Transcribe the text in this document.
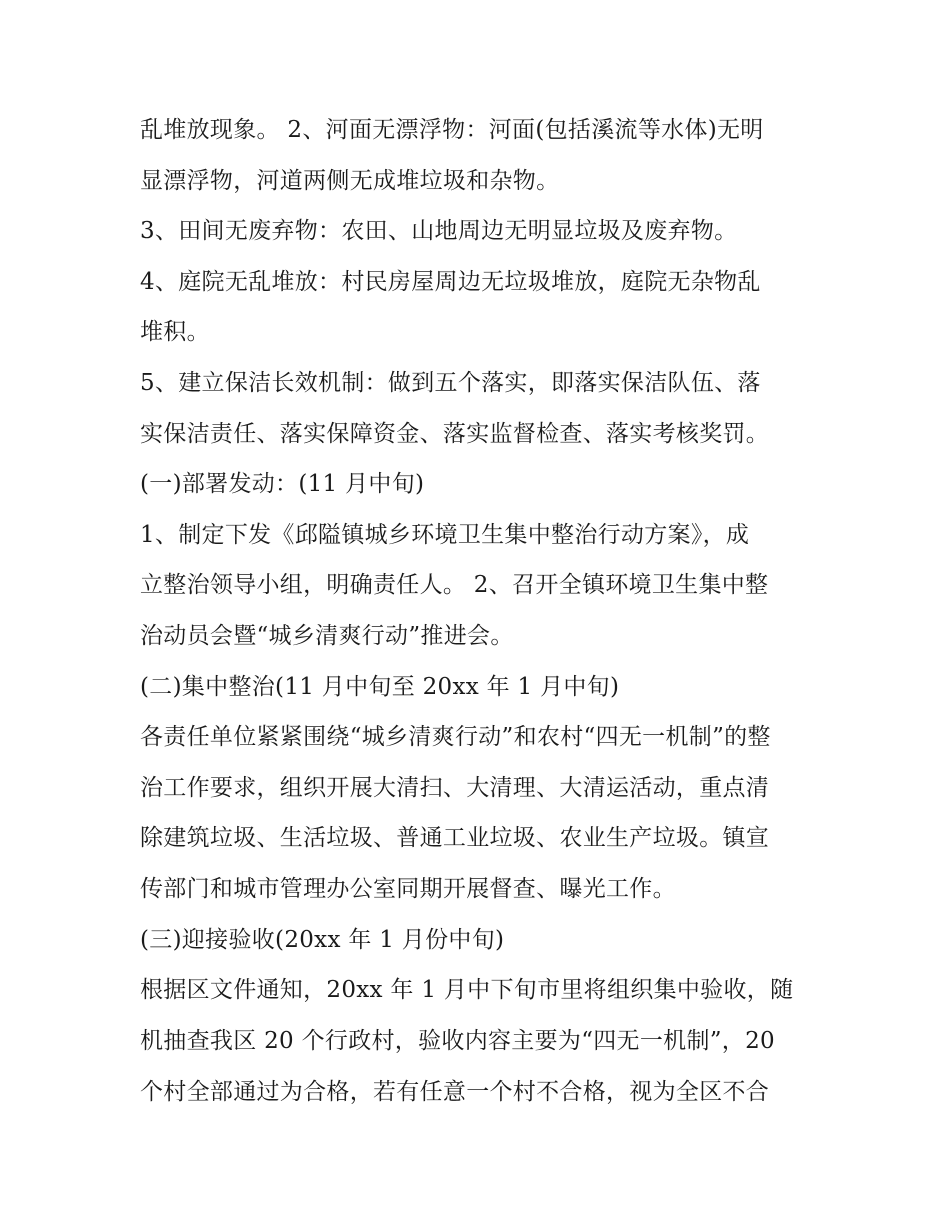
乱堆放现象。 2、河面无漂浮物：河面(包括溪流等水体)无明
显漂浮物，河道两侧无成堆垃圾和杂物。
3、田间无废弃物：农田、山地周边无明显垃圾及废弃物。
4、庭院无乱堆放：村民房屋周边无垃圾堆放，庭院无杂物乱
堆积。
5、建立保洁长效机制：做到五个落实，即落实保洁队伍、落
实保洁责任、落实保障资金、落实监督检查、落实考核奖罚。
(一)部署发动：(11 月中旬)
1、制定下发《邱隘镇城乡环境卫生集中整治行动方案》，成
立整治领导小组，明确责任人。 2、召开全镇环境卫生集中整
治动员会暨“城乡清爽行动”推进会。
(二)集中整治(11 月中旬至 20xx 年 1 月中旬)
各责任单位紧紧围绕“城乡清爽行动”和农村“四无一机制”的整
治工作要求，组织开展大清扫、大清理、大清运活动，重点清
除建筑垃圾、生活垃圾、普通工业垃圾、农业生产垃圾。镇宣
传部门和城市管理办公室同期开展督查、曝光工作。
(三)迎接验收(20xx 年 1 月份中旬)
根据区文件通知，20xx 年 1 月中下旬市里将组织集中验收，随
机抽查我区 20 个行政村，验收内容主要为“四无一机制”，20
个村全部通过为合格，若有任意一个村不合格，视为全区不合
